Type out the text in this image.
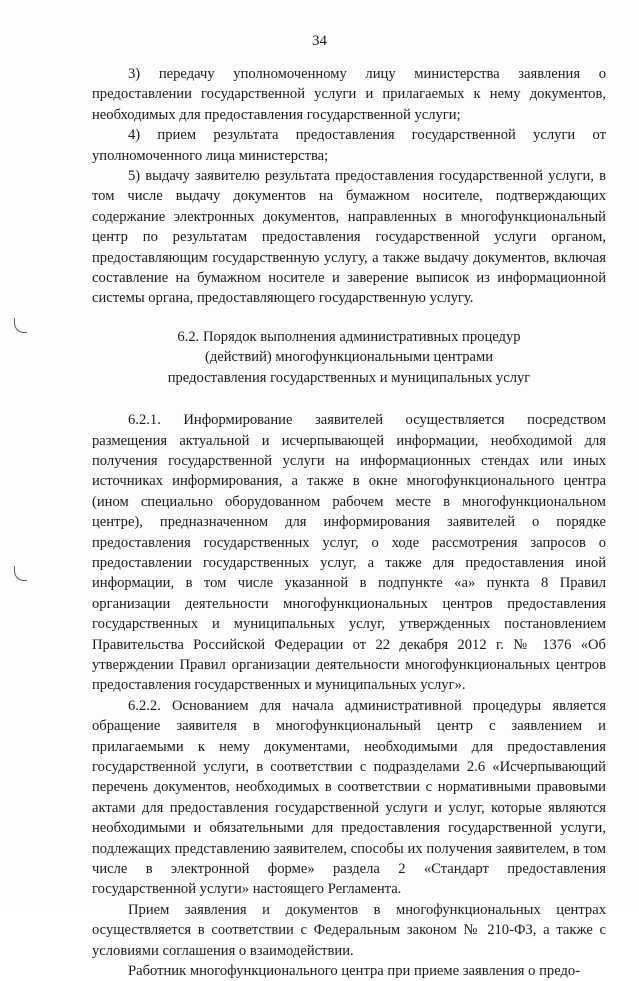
34

3) передачу уполномоченному лицу министерства заявления о предоставлении государственной услуги и прилагаемых к нему документов, необходимых для предоставления государственной услуги;

4) прием результата предоставления государственной услуги от уполномоченного лица министерства;

5) выдачу заявителю результата предоставления государственной услуги, в том числе выдачу документов на бумажном носителе, подтверждающих содержание электронных документов, направленных в многофункциональный центр по результатам предоставления государственной услуги органом, предоставляющим государственную услугу, а также выдачу документов, включая составление на бумажном носителе и заверение выписок из информационной системы органа, предоставляющего государственную услугу.

6.2. Порядок выполнения административных процедур
(действий) многофункциональными центрами
предоставления государственных и муниципальных услуг

6.2.1. Информирование заявителей осуществляется посредством размещения актуальной и исчерпывающей информации, необходимой для получения государственной услуги на информационных стендах или иных источниках информирования, а также в окне многофункционального центра (ином специально оборудованном рабочем месте в многофункциональном центре), предназначенном для информирования заявителей о порядке предоставления государственных услуг, о ходе рассмотрения запросов о предоставлении государственных услуг, а также для предоставления иной информации, в том числе указанной в подпункте «а» пункта 8 Правил организации деятельности многофункциональных центров предоставления государственных и муниципальных услуг, утвержденных постановлением Правительства Российской Федерации от 22 декабря 2012 г. № 1376 «Об утверждении Правил организации деятельности многофункциональных центров предоставления государственных и муниципальных услуг».

6.2.2. Основанием для начала административной процедуры является обращение заявителя в многофункциональный центр с заявлением и прилагаемыми к нему документами, необходимыми для предоставления государственной услуги, в соответствии с подразделами 2.6 «Исчерпывающий перечень документов, необходимых в соответствии с нормативными правовыми актами для предоставления государственной услуги и услуг, которые являются необходимыми и обязательными для предоставления государственной услуги, подлежащих представлению заявителем, способы их получения заявителем, в том числе в электронной форме» раздела 2 «Стандарт предоставления государственной услуги» настоящего Регламента.

Прием заявления и документов в многофункциональных центрах осуществляется в соответствии с Федеральным законом № 210-ФЗ, а также с условиями соглашения о взаимодействии.

Работник многофункционального центра при приеме заявления о предо-
